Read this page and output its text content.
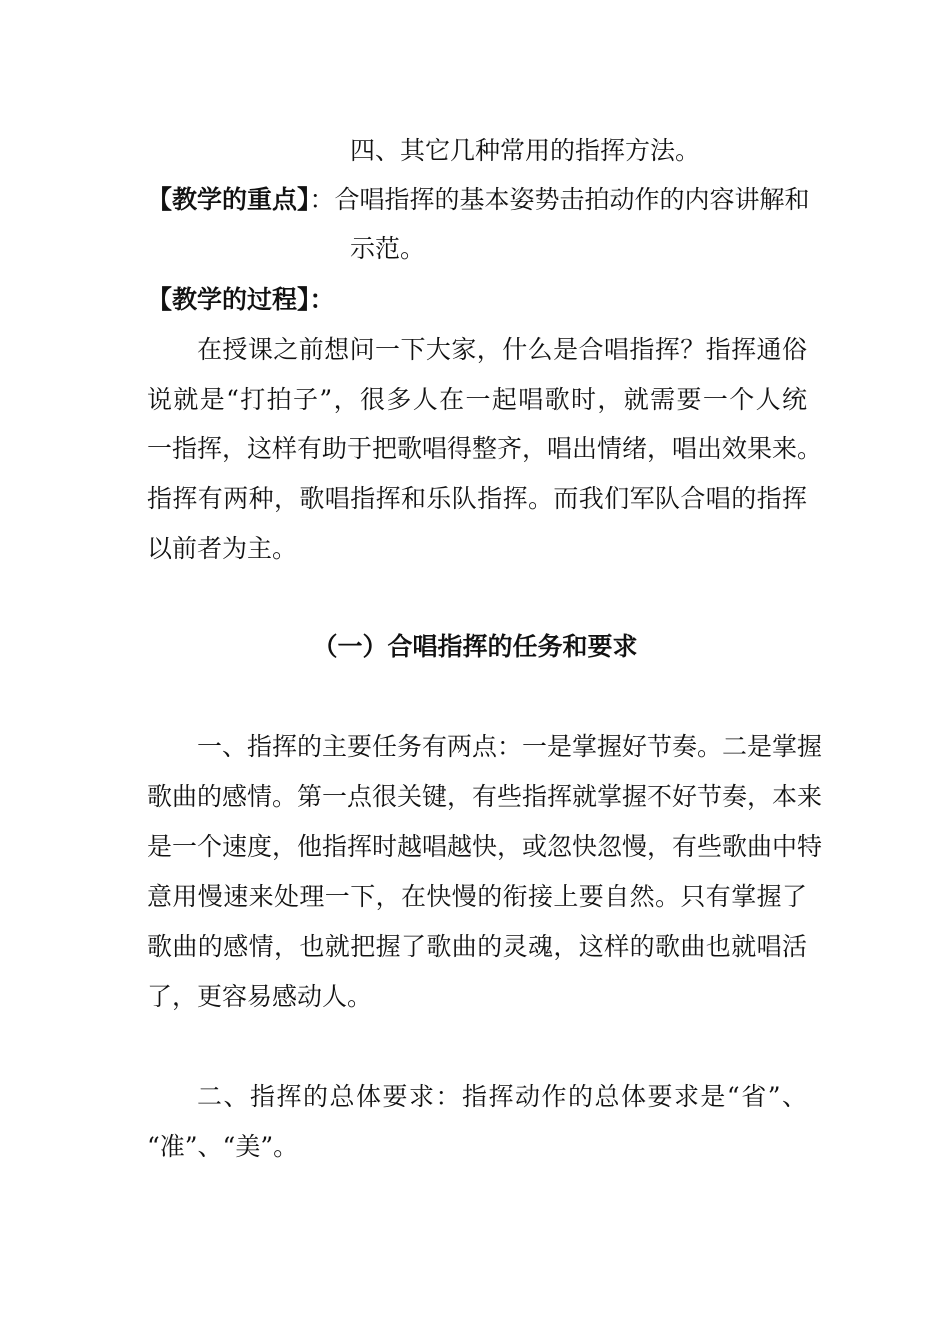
四、其它几种常用的指挥方法。
【教学的重点】：合唱指挥的基本姿势击拍动作的内容讲解和
示范。
【教学的过程】：
在授课之前想问一下大家，什么是合唱指挥？指挥通俗
说就是“打拍子”，很多人在一起唱歌时，就需要一个人统
一指挥，这样有助于把歌唱得整齐，唱出情绪，唱出效果来。
指挥有两种，歌唱指挥和乐队指挥。而我们军队合唱的指挥
以前者为主。
（一）合唱指挥的任务和要求
一、指挥的主要任务有两点：一是掌握好节奏。二是掌握
歌曲的感情。第一点很关键，有些指挥就掌握不好节奏，本来
是一个速度，他指挥时越唱越快，或忽快忽慢，有些歌曲中特
意用慢速来处理一下，在快慢的衔接上要自然。只有掌握了
歌曲的感情，也就把握了歌曲的灵魂，这样的歌曲也就唱活
了，更容易感动人。
二、指挥的总体要求：指挥动作的总体要求是“省”、
“准”、“美”。
